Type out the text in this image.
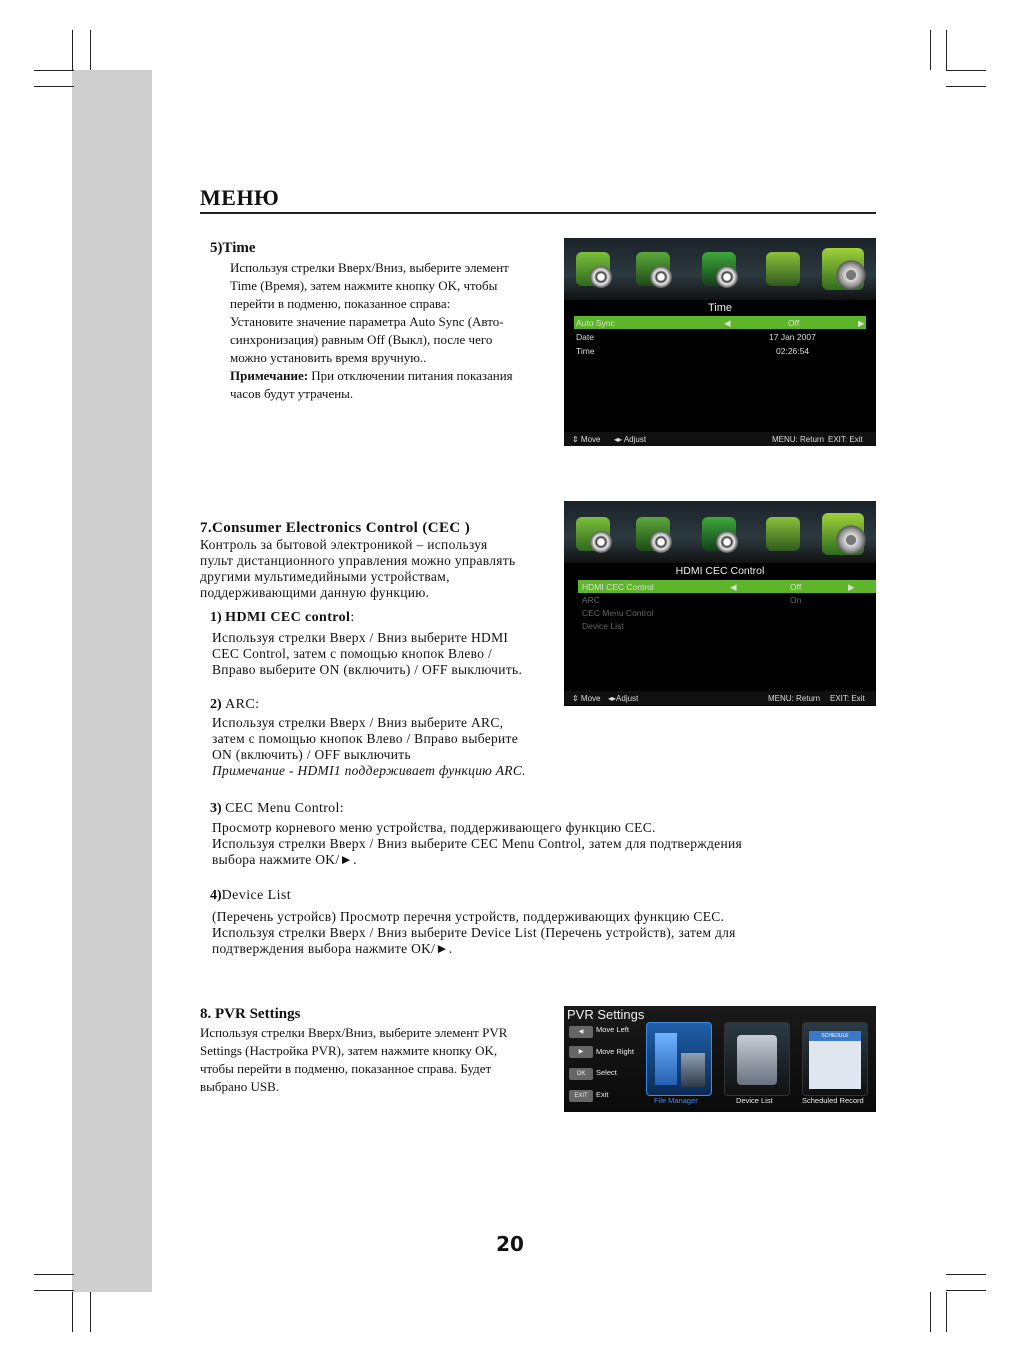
МЕНЮ
5)Time
Используя стрелки Вверх/Вниз, выберите элемент
Time (Время), затем нажмите кнопку OK, чтобы
перейти в подменю, показанное справа:
Установите значение параметра Auto Sync (Авто-
синхронизация) равным Off (Выкл), после чего
можно установить время вручную..
Примечание: При отключении питания показания
часов будут утрачены.
Time
Auto Sync	◀	Off	▶
Date	17 Jan 2007
Time	02:26:54
⇕ Move ◂▸ Adjust	MENU: Return EXIT: Exit
7.Consumer Electronics Control (CEC )
Контроль за бытовой электроникой – используя
пульт дистанционного управления можно управлять
другими мультимедийными устройствам,
поддерживающими данную функцию.
1) HDMI CEC control:
Используя стрелки Вверх / Вниз выберите HDMI
CEC Control, затем с помощью кнопок Влево /
Вправо выберите ON (включить) / OFF выключить.
2) ARC:
Используя стрелки Вверх / Вниз выберите ARC,
затем с помощью кнопок Влево / Вправо выберите
ON (включить) / OFF выключить
Примечание - HDMI1 поддерживает функцию ARC.
3) CEC Menu Control:
Просмотр корневого меню устройства, поддерживающего функцию CEC.
Используя стрелки Вверх / Вниз выберите CEC Menu Control, затем для подтверждения
выбора нажмите OK/►.
4)Device List
(Перечень устройсв) Просмотр перечня устройств, поддерживающих функцию CEC.
Используя стрелки Вверх / Вниз выберите Device List (Перечень устройств), затем для
подтверждения выбора нажмите OK/►.
HDMI CEC Control
HDMI CEC Control	◀	Off	▶
ARC	On
CEC Menu Control
Device List
⇕ Move ◂▸Adjust	MENU: Return EXIT: Exit
8. PVR Settings
Используя стрелки Вверх/Вниз, выберите элемент PVR
Settings (Настройка PVR), затем нажмите кнопку OK,
чтобы перейти в подменю, показанное справа. Будет
выбрано USB.
PVR Settings
◀	Move Left
▶	Move Right
OK	Select
EXIT	Exit
File Manager	Device List
SCHEDULE
Scheduled Record
20
